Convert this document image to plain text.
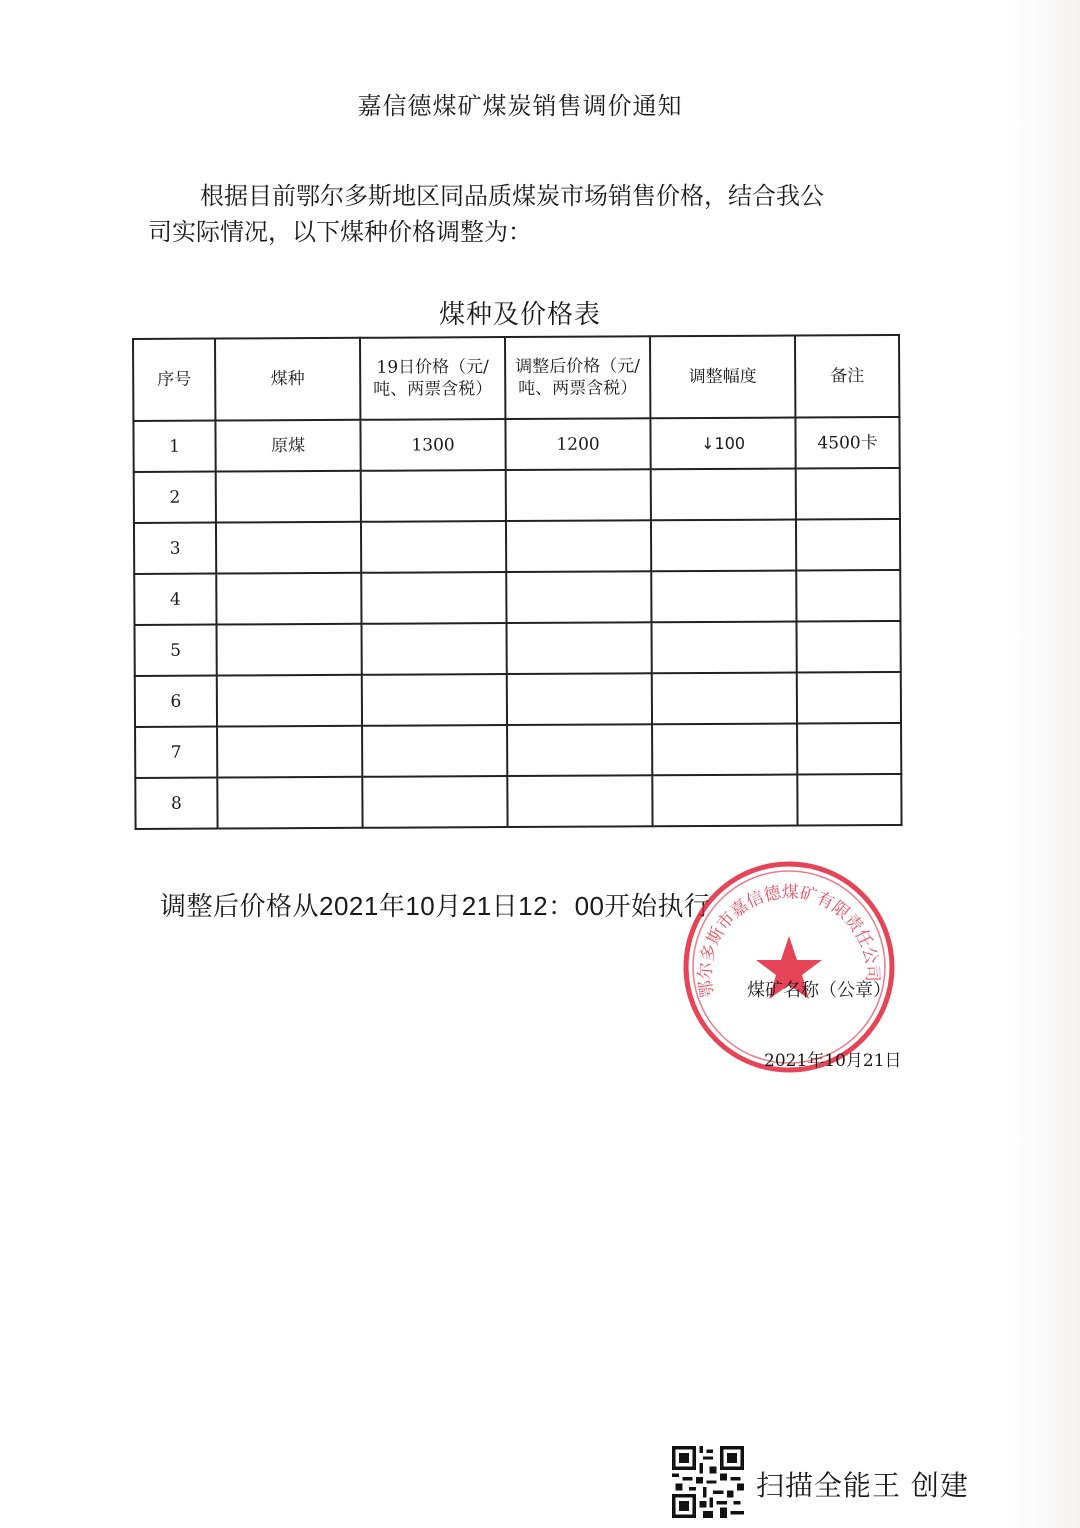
嘉信德煤矿煤炭销售调价通知
根据目前鄂尔多斯地区同品质煤炭市场销售价格，结合我公
司实际情况，以下煤种价格调整为：
煤种及价格表
序号	煤种	19日价格（元/吨、两票含税）	调整后价格（元/吨、两票含税）	调整幅度	备注
1	原煤	1300	1200	↓100	4500卡
2					
3					
4					
5					
6					
7					
8					
调整后价格从2021年10月21日12：00开始执行
鄂尔多斯市嘉信德煤矿有限责任公司
煤矿名称（公章）
2021年10月21日
扫描全能王 创建
